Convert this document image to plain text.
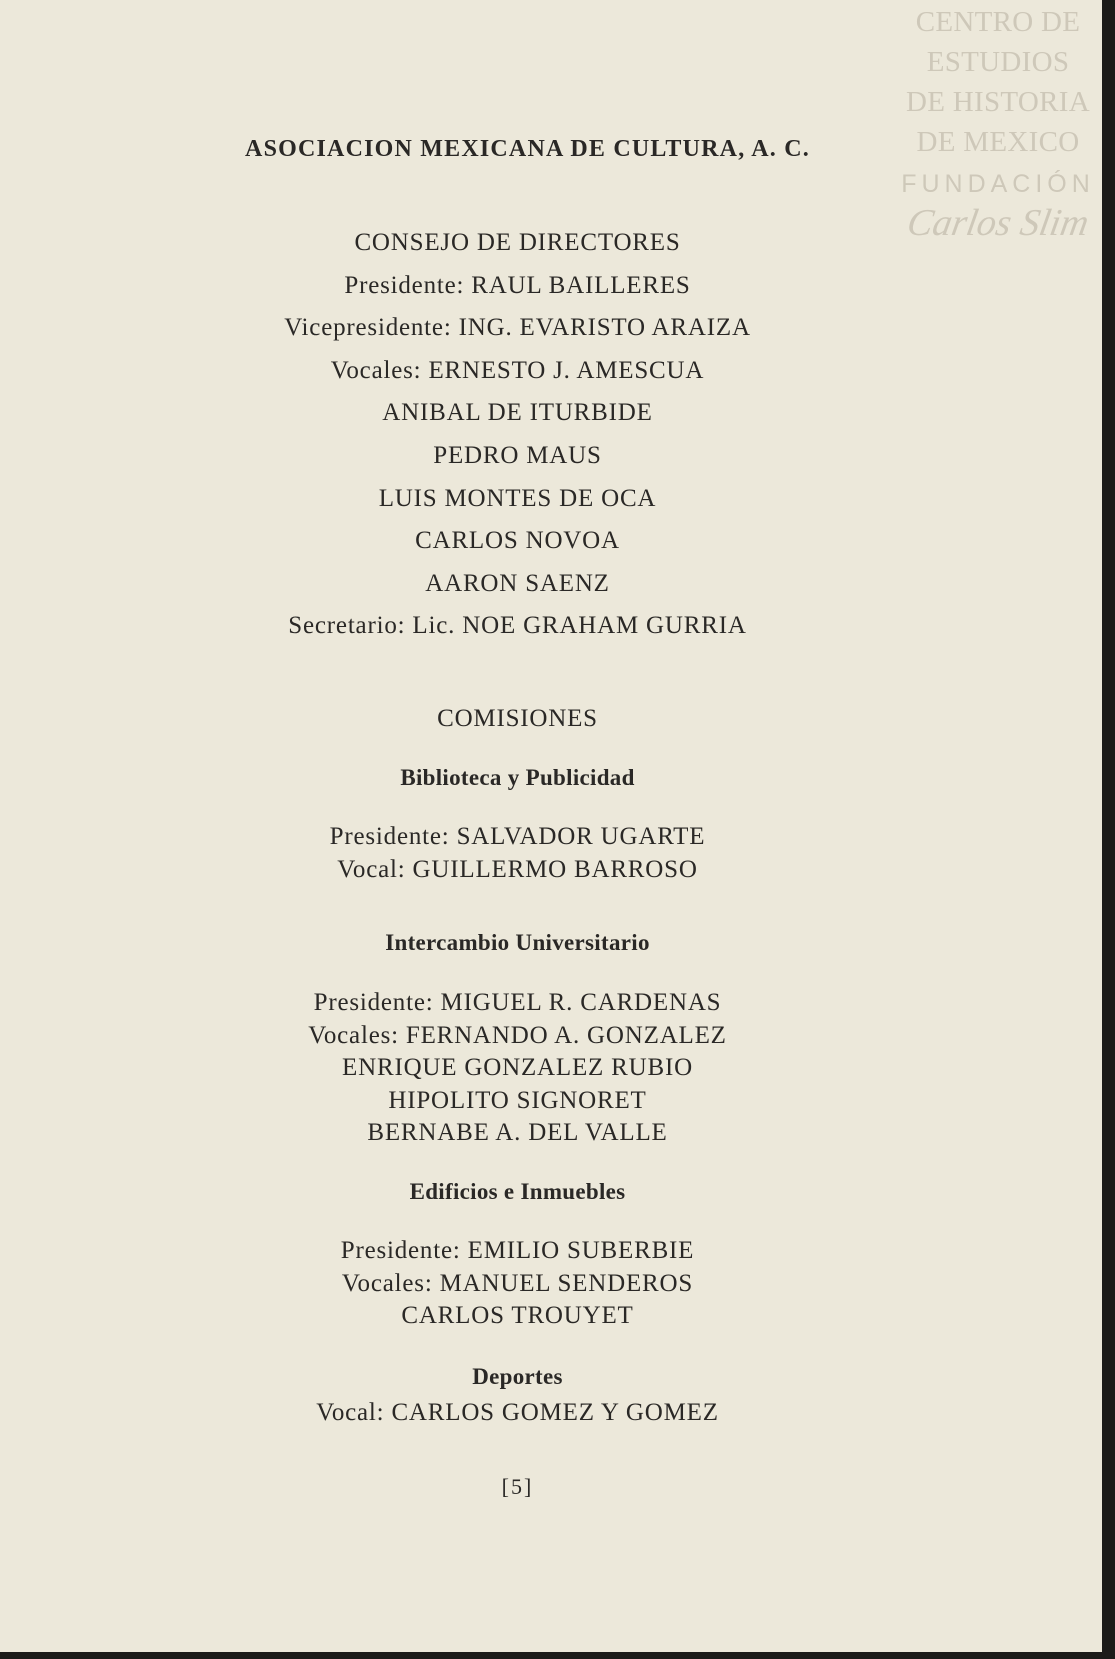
CENTRO DE
ESTUDIOS
DE HISTORIA
DE MEXICO
FUNDACIÓN
Carlos Slim
ASOCIACION MEXICANA DE CULTURA, A. C.
CONSEJO DE DIRECTORES
Presidente: RAUL BAILLERES
Vicepresidente: ING. EVARISTO ARAIZA
Vocales: ERNESTO J. AMESCUA
ANIBAL DE ITURBIDE
PEDRO MAUS
LUIS MONTES DE OCA
CARLOS NOVOA
AARON SAENZ
Secretario: Lic. NOE GRAHAM GURRIA
COMISIONES
Biblioteca y Publicidad
Presidente: SALVADOR UGARTE
Vocal: GUILLERMO BARROSO
Intercambio Universitario
Presidente: MIGUEL R. CARDENAS
Vocales: FERNANDO A. GONZALEZ
ENRIQUE GONZALEZ RUBIO
HIPOLITO SIGNORET
BERNABE A. DEL VALLE
Edificios e Inmuebles
Presidente: EMILIO SUBERBIE
Vocales: MANUEL SENDEROS
CARLOS TROUYET
Deportes
Vocal: CARLOS GOMEZ Y GOMEZ
[5]
